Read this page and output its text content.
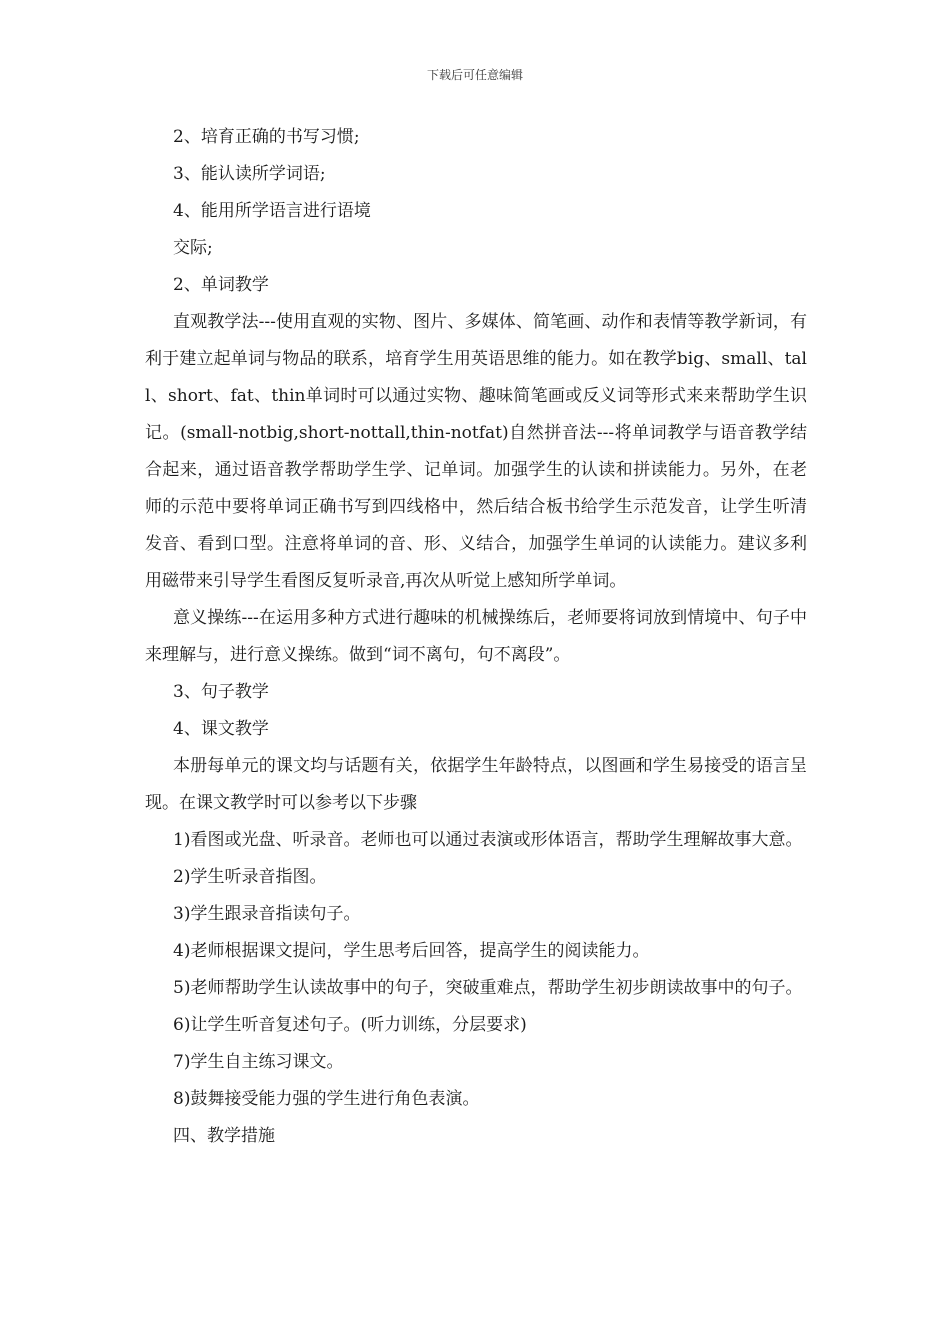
下载后可任意编辑

2、培育正确的书写习惯;

3、能认读所学词语;

4、能用所学语言进行语境

交际;

2、单词教学

直观教学法---使用直观的实物、图片、多媒体、简笔画、动作和表情等教学新词，有利于建立起单词与物品的联系，培育学生用英语思维的能力。如在教学big、small、tall、short、fat、thin单词时可以通过实物、趣味简笔画或反义词等形式来来帮助学生识记。(small-notbig,short-nottall,thin-notfat)自然拼音法---将单词教学与语音教学结合起来，通过语音教学帮助学生学、记单词。加强学生的认读和拼读能力。另外，在老师的示范中要将单词正确书写到四线格中，然后结合板书给学生示范发音，让学生听清发音、看到口型。注意将单词的音、形、义结合，加强学生单词的认读能力。建议多利用磁带来引导学生看图反复听录音,再次从听觉上感知所学单词。

意义操练---在运用多种方式进行趣味的机械操练后，老师要将词放到情境中、句子中来理解与，进行意义操练。做到“词不离句，句不离段”。

3、句子教学

4、课文教学

本册每单元的课文均与话题有关，依据学生年龄特点，以图画和学生易接受的语言呈现。在课文教学时可以参考以下步骤

1)看图或光盘、听录音。老师也可以通过表演或形体语言，帮助学生理解故事大意。

2)学生听录音指图。

3)学生跟录音指读句子。

4)老师根据课文提问，学生思考后回答，提高学生的阅读能力。

5)老师帮助学生认读故事中的句子，突破重难点，帮助学生初步朗读故事中的句子。

6)让学生听音复述句子。(听力训练，分层要求)

7)学生自主练习课文。

8)鼓舞接受能力强的学生进行角色表演。

四、教学措施
